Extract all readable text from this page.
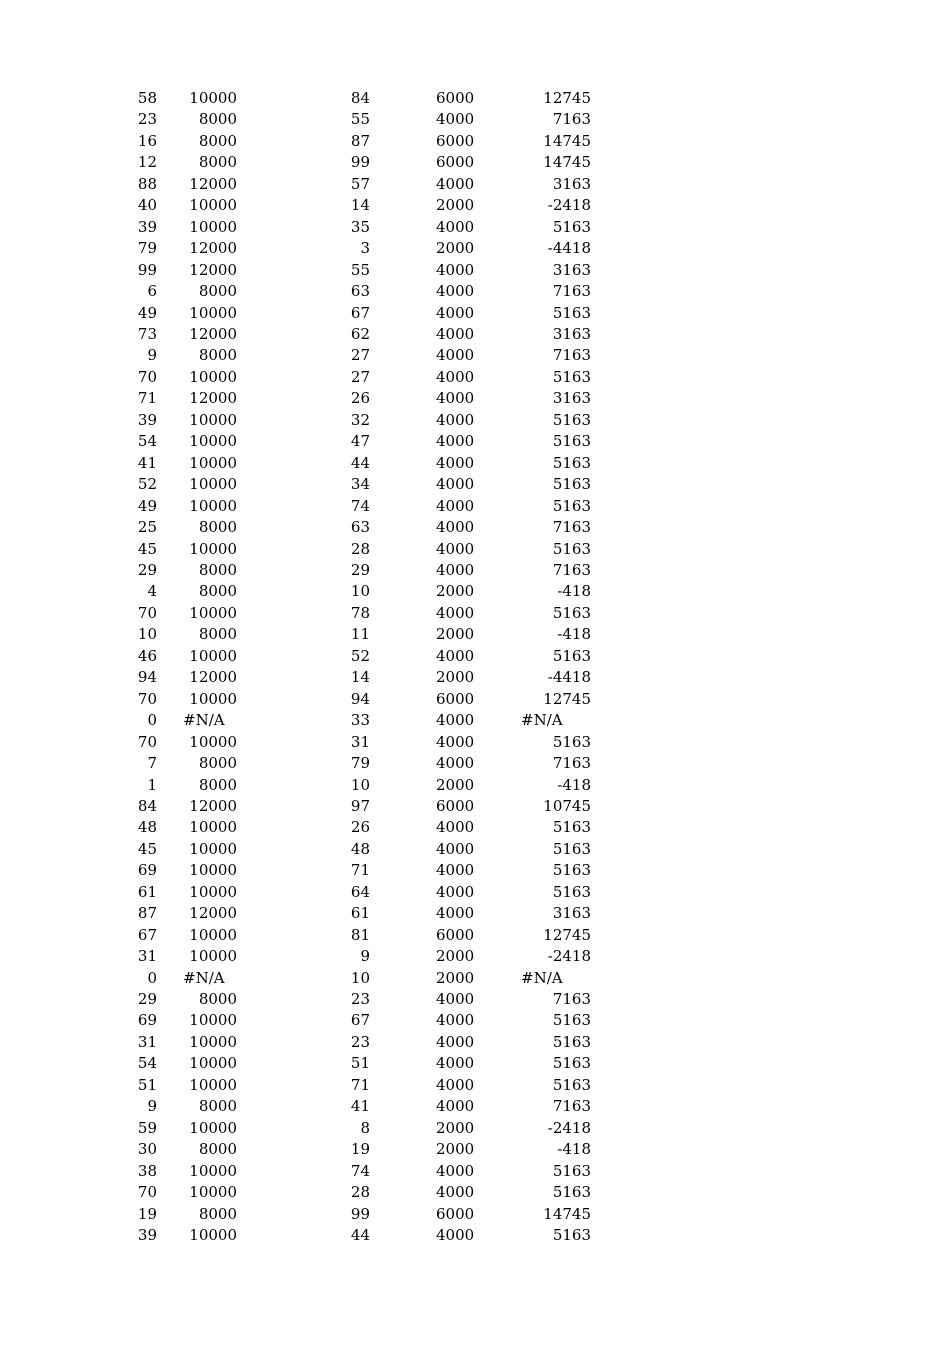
58	10000	84	6000	12745
23	8000	55	4000	7163
16	8000	87	6000	14745
12	8000	99	6000	14745
88	12000	57	4000	3163
40	10000	14	2000	-2418
39	10000	35	4000	5163
79	12000	3	2000	-4418
99	12000	55	4000	3163
6	8000	63	4000	7163
49	10000	67	4000	5163
73	12000	62	4000	3163
9	8000	27	4000	7163
70	10000	27	4000	5163
71	12000	26	4000	3163
39	10000	32	4000	5163
54	10000	47	4000	5163
41	10000	44	4000	5163
52	10000	34	4000	5163
49	10000	74	4000	5163
25	8000	63	4000	7163
45	10000	28	4000	5163
29	8000	29	4000	7163
4	8000	10	2000	-418
70	10000	78	4000	5163
10	8000	11	2000	-418
46	10000	52	4000	5163
94	12000	14	2000	-4418
70	10000	94	6000	12745
0 #N/A	33	4000	#N/A
70	10000	31	4000	5163
7	8000	79	4000	7163
1	8000	10	2000	-418
84	12000	97	6000	10745
48	10000	26	4000	5163
45	10000	48	4000	5163
69	10000	71	4000	5163
61	10000	64	4000	5163
87	12000	61	4000	3163
67	10000	81	6000	12745
31	10000	9	2000	-2418
0 #N/A	10	2000	#N/A
29	8000	23	4000	7163
69	10000	67	4000	5163
31	10000	23	4000	5163
54	10000	51	4000	5163
51	10000	71	4000	5163
9	8000	41	4000	7163
59	10000	8	2000	-2418
30	8000	19	2000	-418
38	10000	74	4000	5163
70	10000	28	4000	5163
19	8000	99	6000	14745
39	10000	44	4000	5163
